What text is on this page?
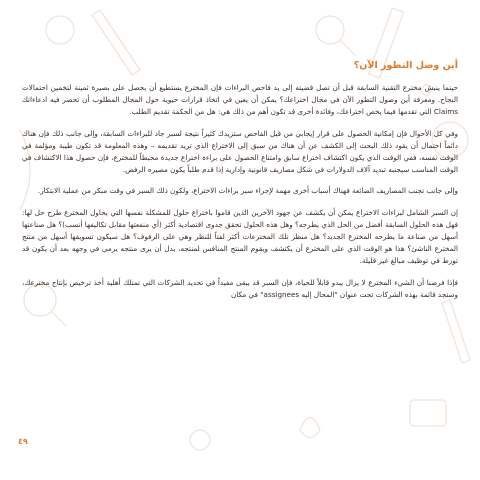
أين وصل التطور الآن؟

حينما ينبش مخترع التقنية السابقة قبل أن تصل قضيته إلى يد فاحص البراءات فإن المخترع يستطيع أن يحصل على بصيرة ثمينة لتخمين احتمالات النجاح. ومعرفة أين وصول التطور الآن في مجال اختراعك؟ يمكن أن يعين في اتخاذ قرارات حيوية حول المجال المطلوب أن تحصر فيه ادعاءاتك Claims التي تقدمها فيما يخص اختراعك، وفائدة أخرى قد تكون أهم من ذلك هي: هل من الحكمة تقديم الطلب.

وفي كل الأحوال فإن إمكانية الحصول على قرار إيجابي من قبل الفاحص ستزيدك كثيراً نتيجة لسبر جاد للبراءات السابقة، وإلى جانب ذلك فإن هناك دائماً احتمال أن يقود ذلك البحث إلى الكشف عن أن هناك من سبق إلى الاختراع الذي تريد تقديمه – وهذه المعلومة قد تكون طيبة ومؤلمة في الوقت نفسه، ففي الوقت الذي يكون اكتشاف اختراع سابق وامتناع الحصول على براءة اختراع جديدة محبطاً للمخترع، فإن حصول هذا الاكتشاف في الوقت المناسب سيجنبه تبديد آلاف الدولارات في شكل مصاريف قانونية وإدارية إذا قدم طلباً يكون مصيره الرفض.

وإلى جانب تجنب المصاريف الضائعة فهناك أسباب أخرى مهمة لإجراء سبر براءات الاختراع، ولكون ذلك السبر في وقت مبكر من عملية الابتكار.

إن السبر الشامل لبراءات الاختراع يمكن أن يكشف عن جهود الآخرين الذين قاموا باختراع حلول للمشكلة نفسها التي يحاول المخترع طرح حل لها: فهل هذه الحلول السابقة أفضل من الحل الذي يطرحه؟ وهل هذه الحلول تحقق جدوى اقتصادية أكثر (أي منفعتها مقابل تكاليفها أنسب)؟ هل صناعتها أسهل من صناعة ما يطرحه المخترع الجديد؟ هل منظر تلك المخترعات أكثر لفتاً للنظر وهي على الرفوف؟ هل سيكون تسويقها أسهل من منتج المخترع الناشئ؟ هذا هو الوقت الذي على المخترع أن يكتشف ويقوم المنتج المنافس لمنتجه، بدل أن يرى منتجه يرمي في وجهه بعد أن يكون قد تورط في توظيف مبالغ غير قليلة.

فإذا فرضنا أن الشيء المخترع لا يزال يبدو قابلاً للحياة، فإن السبر قد يبقى مفيداً في تحديد الشركات التي تمتلك أهلية أخذ ترخيص بإنتاج مخترعك، وستجد قائمة بهذه الشركات تحت عنوان "المحال إليه assignees" في مكان

٤٩
